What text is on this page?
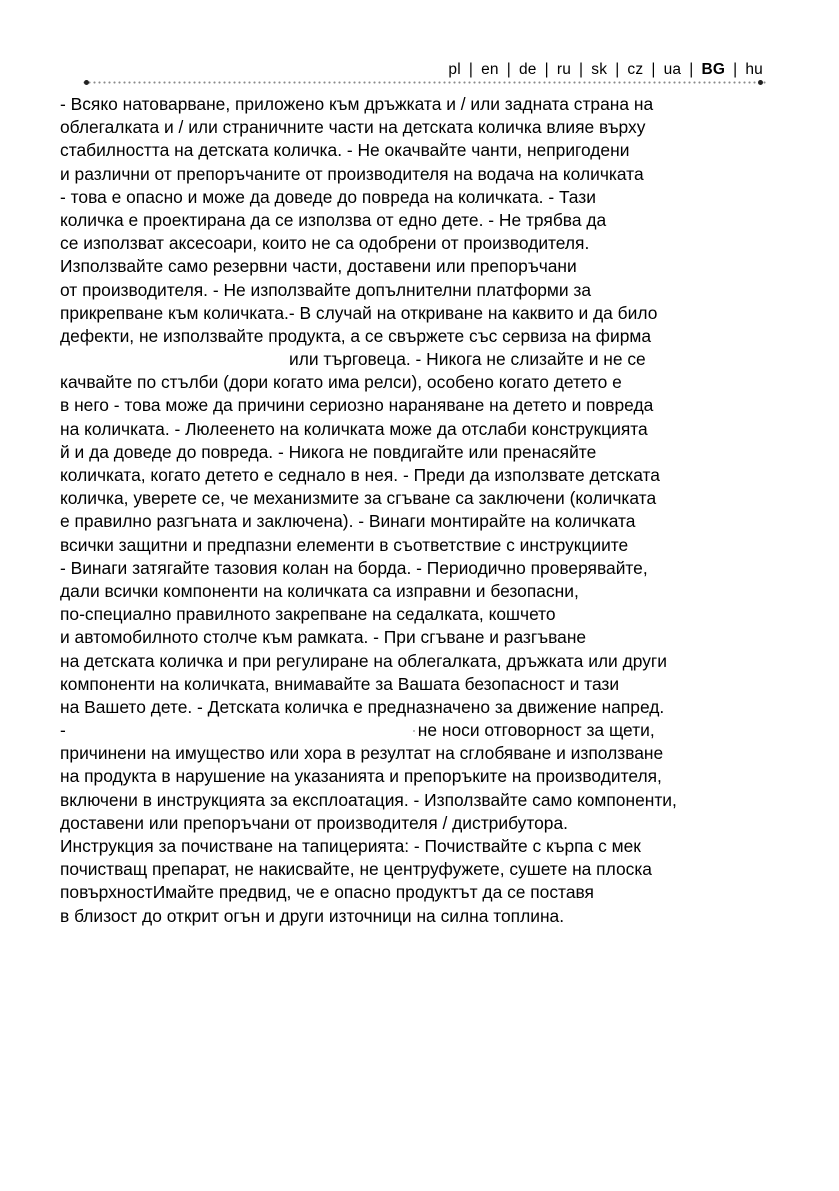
pl | en | de | ru | sk | cz | ua | BG | hu
- Всяко натоварване, приложено към дръжката и / или задната страна на
облегалката и / или страничните части на детската количка влияе върху
стабилността на детската количка. - Не окачвайте чанти, непригодени
и различни от препоръчаните от производителя на водача на количката
- това е опасно и може да доведе до повреда на количката. - Тази
количка е проектирана да се използва от едно дете. - Не трябва да
се използват аксесоари, които не са одобрени от производителя.
Използвайте само резервни части, доставени или препоръчани
от производителя. - Не използвайте допълнителни платформи за
прикрепване към количката.- В случай на откриване на каквито и да било
дефекти, не използвайте продукта, а се свържете със сервиза на фирма
или търговеца. - Никога не слизайте и не се
качвайте по стълби (дори когато има релси), особено когато детето е
в него - това може да причини сериозно нараняване на детето и повреда
на количката. - Люлеенето на количката може да отслаби конструкцията
й и да доведе до повреда. - Никога не повдигайте или пренасяйте
количката, когато детето е седнало в нея. - Преди да използвате детската
количка, уверете се, че механизмите за сгъване са заключени (количката
е правилно разгъната и заключена). - Винаги монтирайте на количката
всички защитни и предпазни елементи в съответствие с инструкциите
- Винаги затягайте тазовия колан на борда. - Периодично проверявайте,
дали всички компоненти на количката са изправни и безопасни,
по-специално правилното закрепване на седалката, кошчето
и автомобилното столче към рамката. - При сгъване и разгъване
на детската количка и при регулиране на облегалката, дръжката или други
компоненти на количката, внимавайте за Вашата безопасност и тази
на Вашето дете. - Детската количка е предназначено за движение напред.
-	не носи отговорност за щети,
причинени на имущество или хора в резултат на сглобяване и използване
на продукта в нарушение на указанията и препоръките на производителя,
включени в инструкцията за експлоатация. - Използвайте само компоненти,
доставени или препоръчани от производителя / дистрибутора.
Инструкция за почистване на тапицерията: - Почиствайте с кърпа с мек
почистващ препарат, не накисвайте, не центруфужете, сушете на плоска
повърхностИмайте предвид, че е опасно продуктът да се поставя
в близост до открит огън и други източници на силна топлина.
